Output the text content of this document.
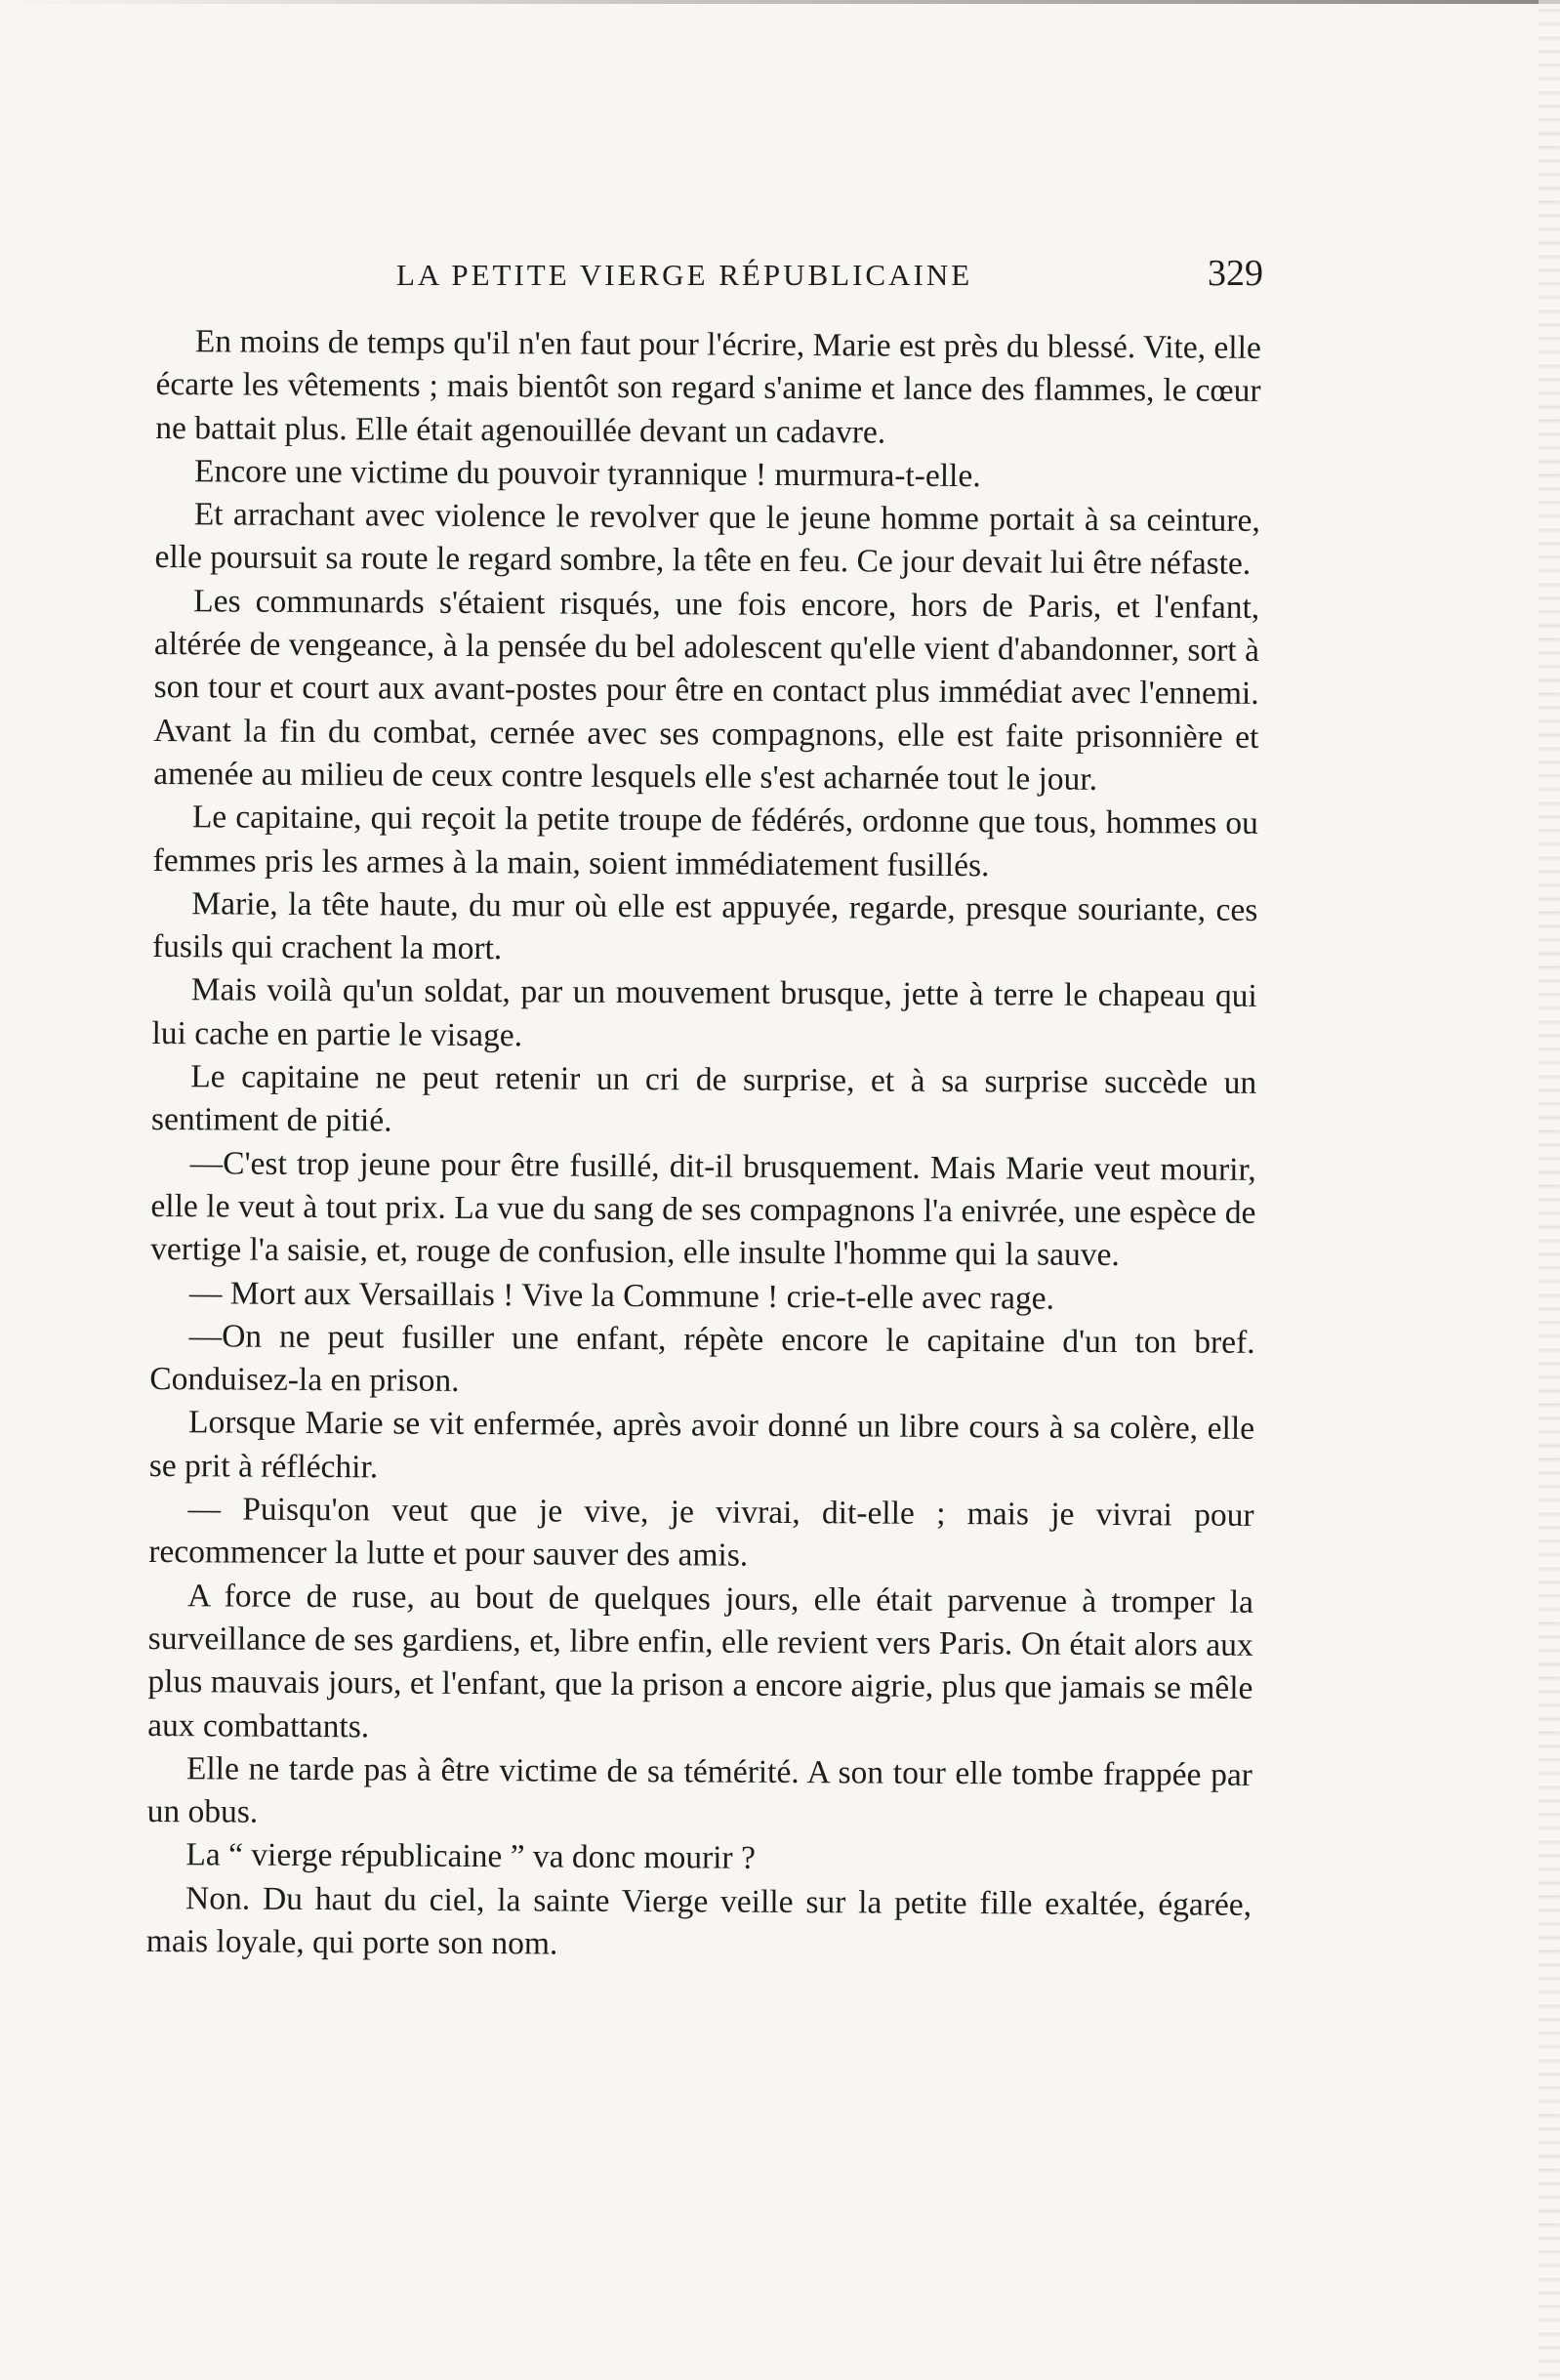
LA PETITE VIERGE RÉPUBLICAINE	329

En moins de temps qu'il n'en faut pour l'écrire, Marie est près du blessé. Vite, elle écarte les vêtements ; mais bientôt son regard s'anime et lance des flammes, le cœur ne battait plus. Elle était agenouillée devant un cadavre.

Encore une victime du pouvoir tyrannique ! murmura-t-elle.

Et arrachant avec violence le revolver que le jeune homme portait à sa ceinture, elle poursuit sa route le regard sombre, la tête en feu. Ce jour devait lui être néfaste.

Les communards s'étaient risqués, une fois encore, hors de Paris, et l'enfant, altérée de vengeance, à la pensée du bel adolescent qu'elle vient d'abandonner, sort à son tour et court aux avant-postes pour être en contact plus immédiat avec l'ennemi. Avant la fin du combat, cernée avec ses compagnons, elle est faite prisonnière et amenée au milieu de ceux contre lesquels elle s'est acharnée tout le jour.

Le capitaine, qui reçoit la petite troupe de fédérés, ordonne que tous, hommes ou femmes pris les armes à la main, soient immédiatement fusillés.

Marie, la tête haute, du mur où elle est appuyée, regarde, presque souriante, ces fusils qui crachent la mort.

Mais voilà qu'un soldat, par un mouvement brusque, jette à terre le chapeau qui lui cache en partie le visage.

Le capitaine ne peut retenir un cri de surprise, et à sa surprise succède un sentiment de pitié.

—C'est trop jeune pour être fusillé, dit-il brusquement. Mais Marie veut mourir, elle le veut à tout prix. La vue du sang de ses compagnons l'a enivrée, une espèce de vertige l'a saisie, et, rouge de confusion, elle insulte l'homme qui la sauve.

— Mort aux Versaillais ! Vive la Commune ! crie-t-elle avec rage.

—On ne peut fusiller une enfant, répète encore le capitaine d'un ton bref. Conduisez-la en prison.

Lorsque Marie se vit enfermée, après avoir donné un libre cours à sa colère, elle se prit à réfléchir.

— Puisqu'on veut que je vive, je vivrai, dit-elle ; mais je vivrai pour recommencer la lutte et pour sauver des amis.

A force de ruse, au bout de quelques jours, elle était parvenue à tromper la surveillance de ses gardiens, et, libre enfin, elle revient vers Paris. On était alors aux plus mauvais jours, et l'enfant, que la prison a encore aigrie, plus que jamais se mêle aux combattants.

Elle ne tarde pas à être victime de sa témérité. A son tour elle tombe frappée par un obus.

La “ vierge républicaine ” va donc mourir ?

Non. Du haut du ciel, la sainte Vierge veille sur la petite fille exaltée, égarée, mais loyale, qui porte son nom.
